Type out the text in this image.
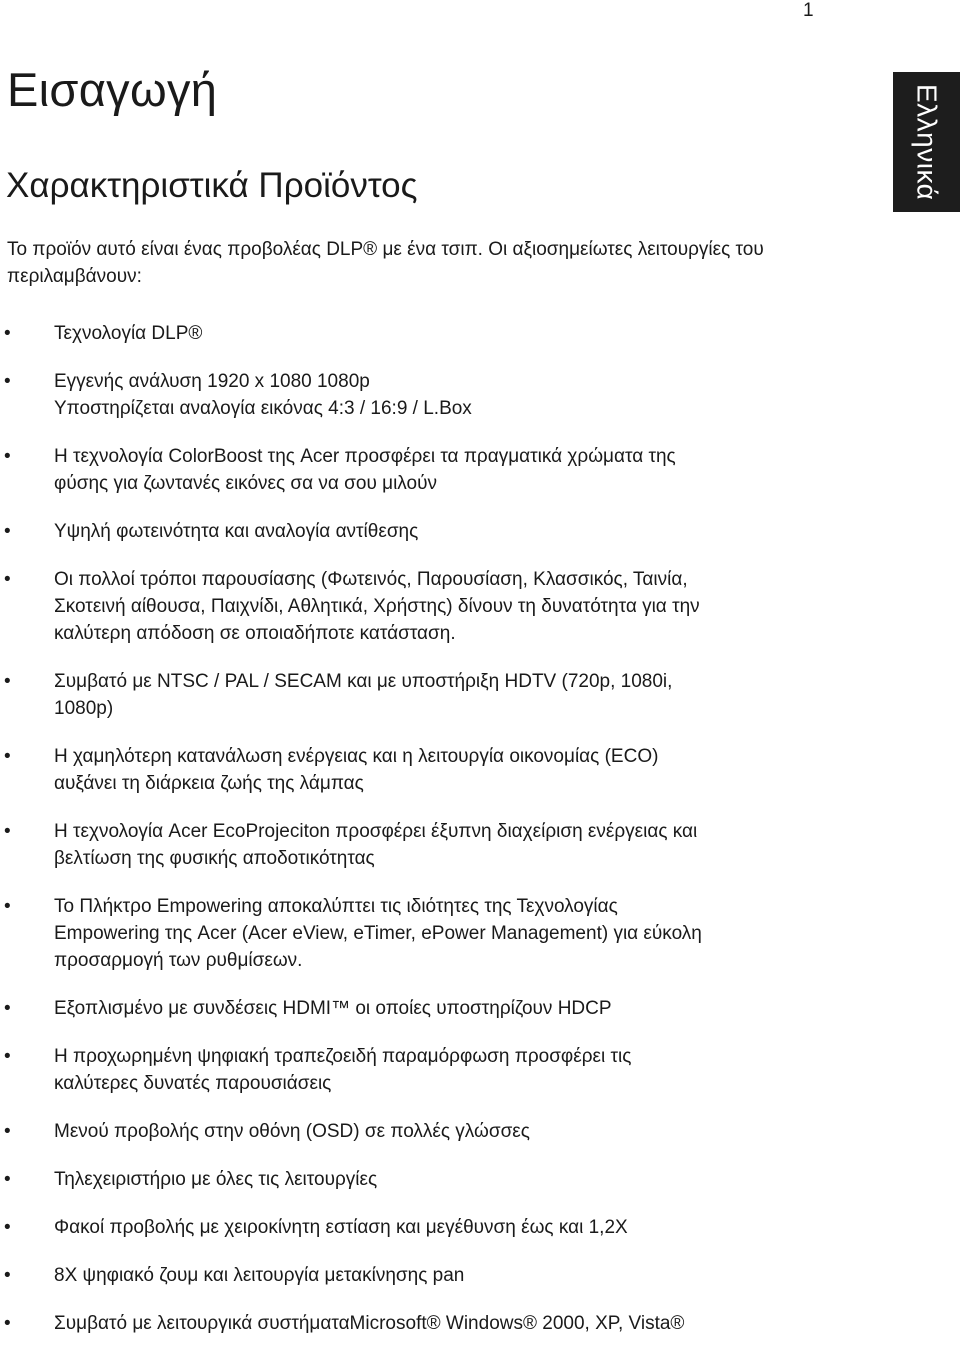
1
Ελληνικά
Εισαγωγή
Χαρακτηριστικά Προϊόντος

Το προϊόν αυτό είναι ένας προβολέας DLP® με ένα τσιπ. Οι αξιοσημείωτες λειτουργίες του περιλαμβάνουν:

• Τεχνολογία DLP®
• Εγγενής ανάλυση 1920 x 1080 1080p
Υποστηρίζεται αναλογία εικόνας 4:3 / 16:9 / L.Box
• Η τεχνολογία ColorBoost της Acer προσφέρει τα πραγματικά χρώματα της
φύσης για ζωντανές εικόνες σα να σου μιλούν
• Υψηλή φωτεινότητα και αναλογία αντίθεσης
• Οι πολλοί τρόποι παρουσίασης (Φωτεινός, Παρουσίαση, Κλασσικός, Ταινία,
Σκοτεινή αίθουσα, Παιχνίδι, Αθλητικά, Χρήστης) δίνουν τη δυνατότητα για την
καλύτερη απόδοση σε οποιαδήποτε κατάσταση.
• Συμβατό με NTSC / PAL / SECAM και με υποστήριξη HDTV (720p, 1080i,
1080p)
• Η χαμηλότερη κατανάλωση ενέργειας και η λειτουργία οικονομίας (ECO)
αυξάνει τη διάρκεια ζωής της λάμπας
• Η τεχνολογία Acer EcoProjeciton προσφέρει έξυπνη διαχείριση ενέργειας και
βελτίωση της φυσικής αποδοτικότητας
• Το Πλήκτρο Empowering αποκαλύπτει τις ιδιότητες της Τεχνολογίας
Empowering της Acer (Acer eView, eTimer, ePower Management) για εύκολη
προσαρμογή των ρυθμίσεων.
• Εξοπλισμένο με συνδέσεις HDMI™ οι οποίες υποστηρίζουν HDCP
• Η προχωρημένη ψηφιακή τραπεζοειδή παραμόρφωση προσφέρει τις
καλύτερες δυνατές παρουσιάσεις
• Μενού προβολής στην οθόνη (OSD) σε πολλές γλώσσες
• Τηλεχειριστήριο με όλες τις λειτουργίες
• Φακοί προβολής με χειροκίνητη εστίαση και μεγέθυνση έως και 1,2X
• 8X ψηφιακό ζουμ και λειτουργία μετακίνησης pan
• Συμβατό με λειτουργικά συστήματαMicrosoft® Windows® 2000, XP, Vista®
